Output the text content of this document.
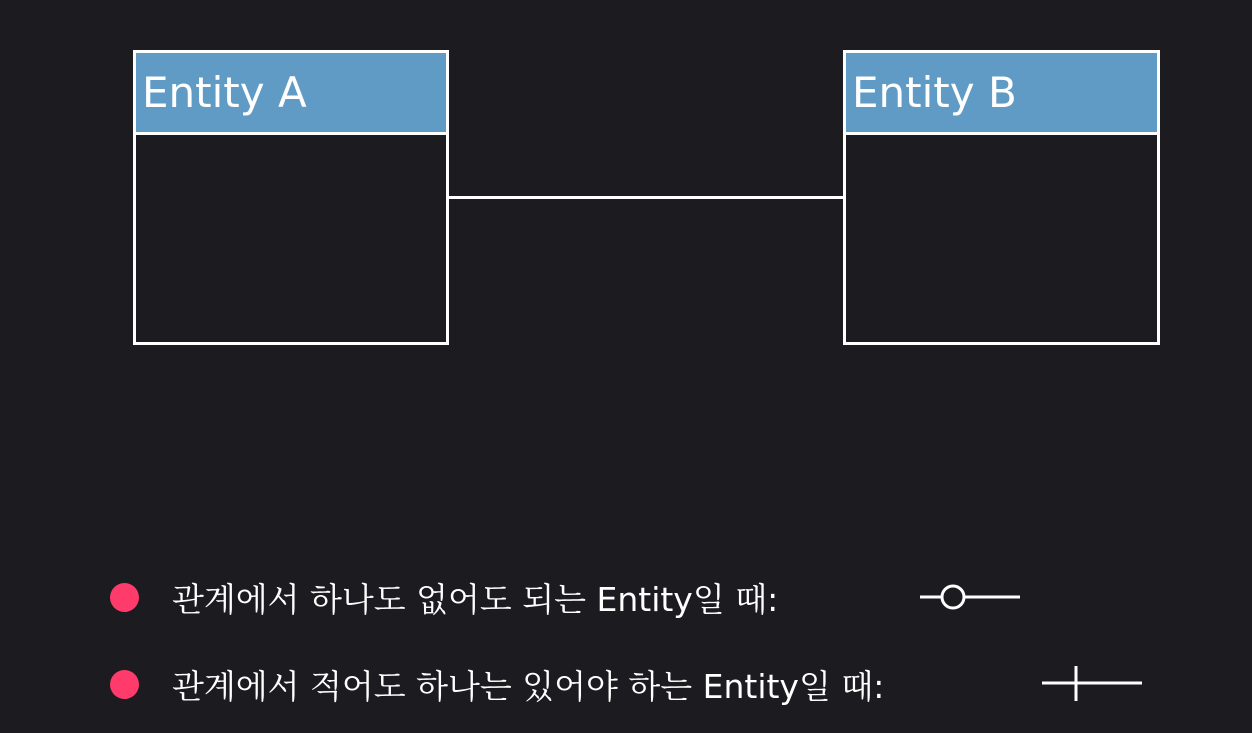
Entity A	Entity B
관계에서 하나도 없어도 되는 Entity일 때:
관계에서 적어도 하나는 있어야 하는 Entity일 때:
